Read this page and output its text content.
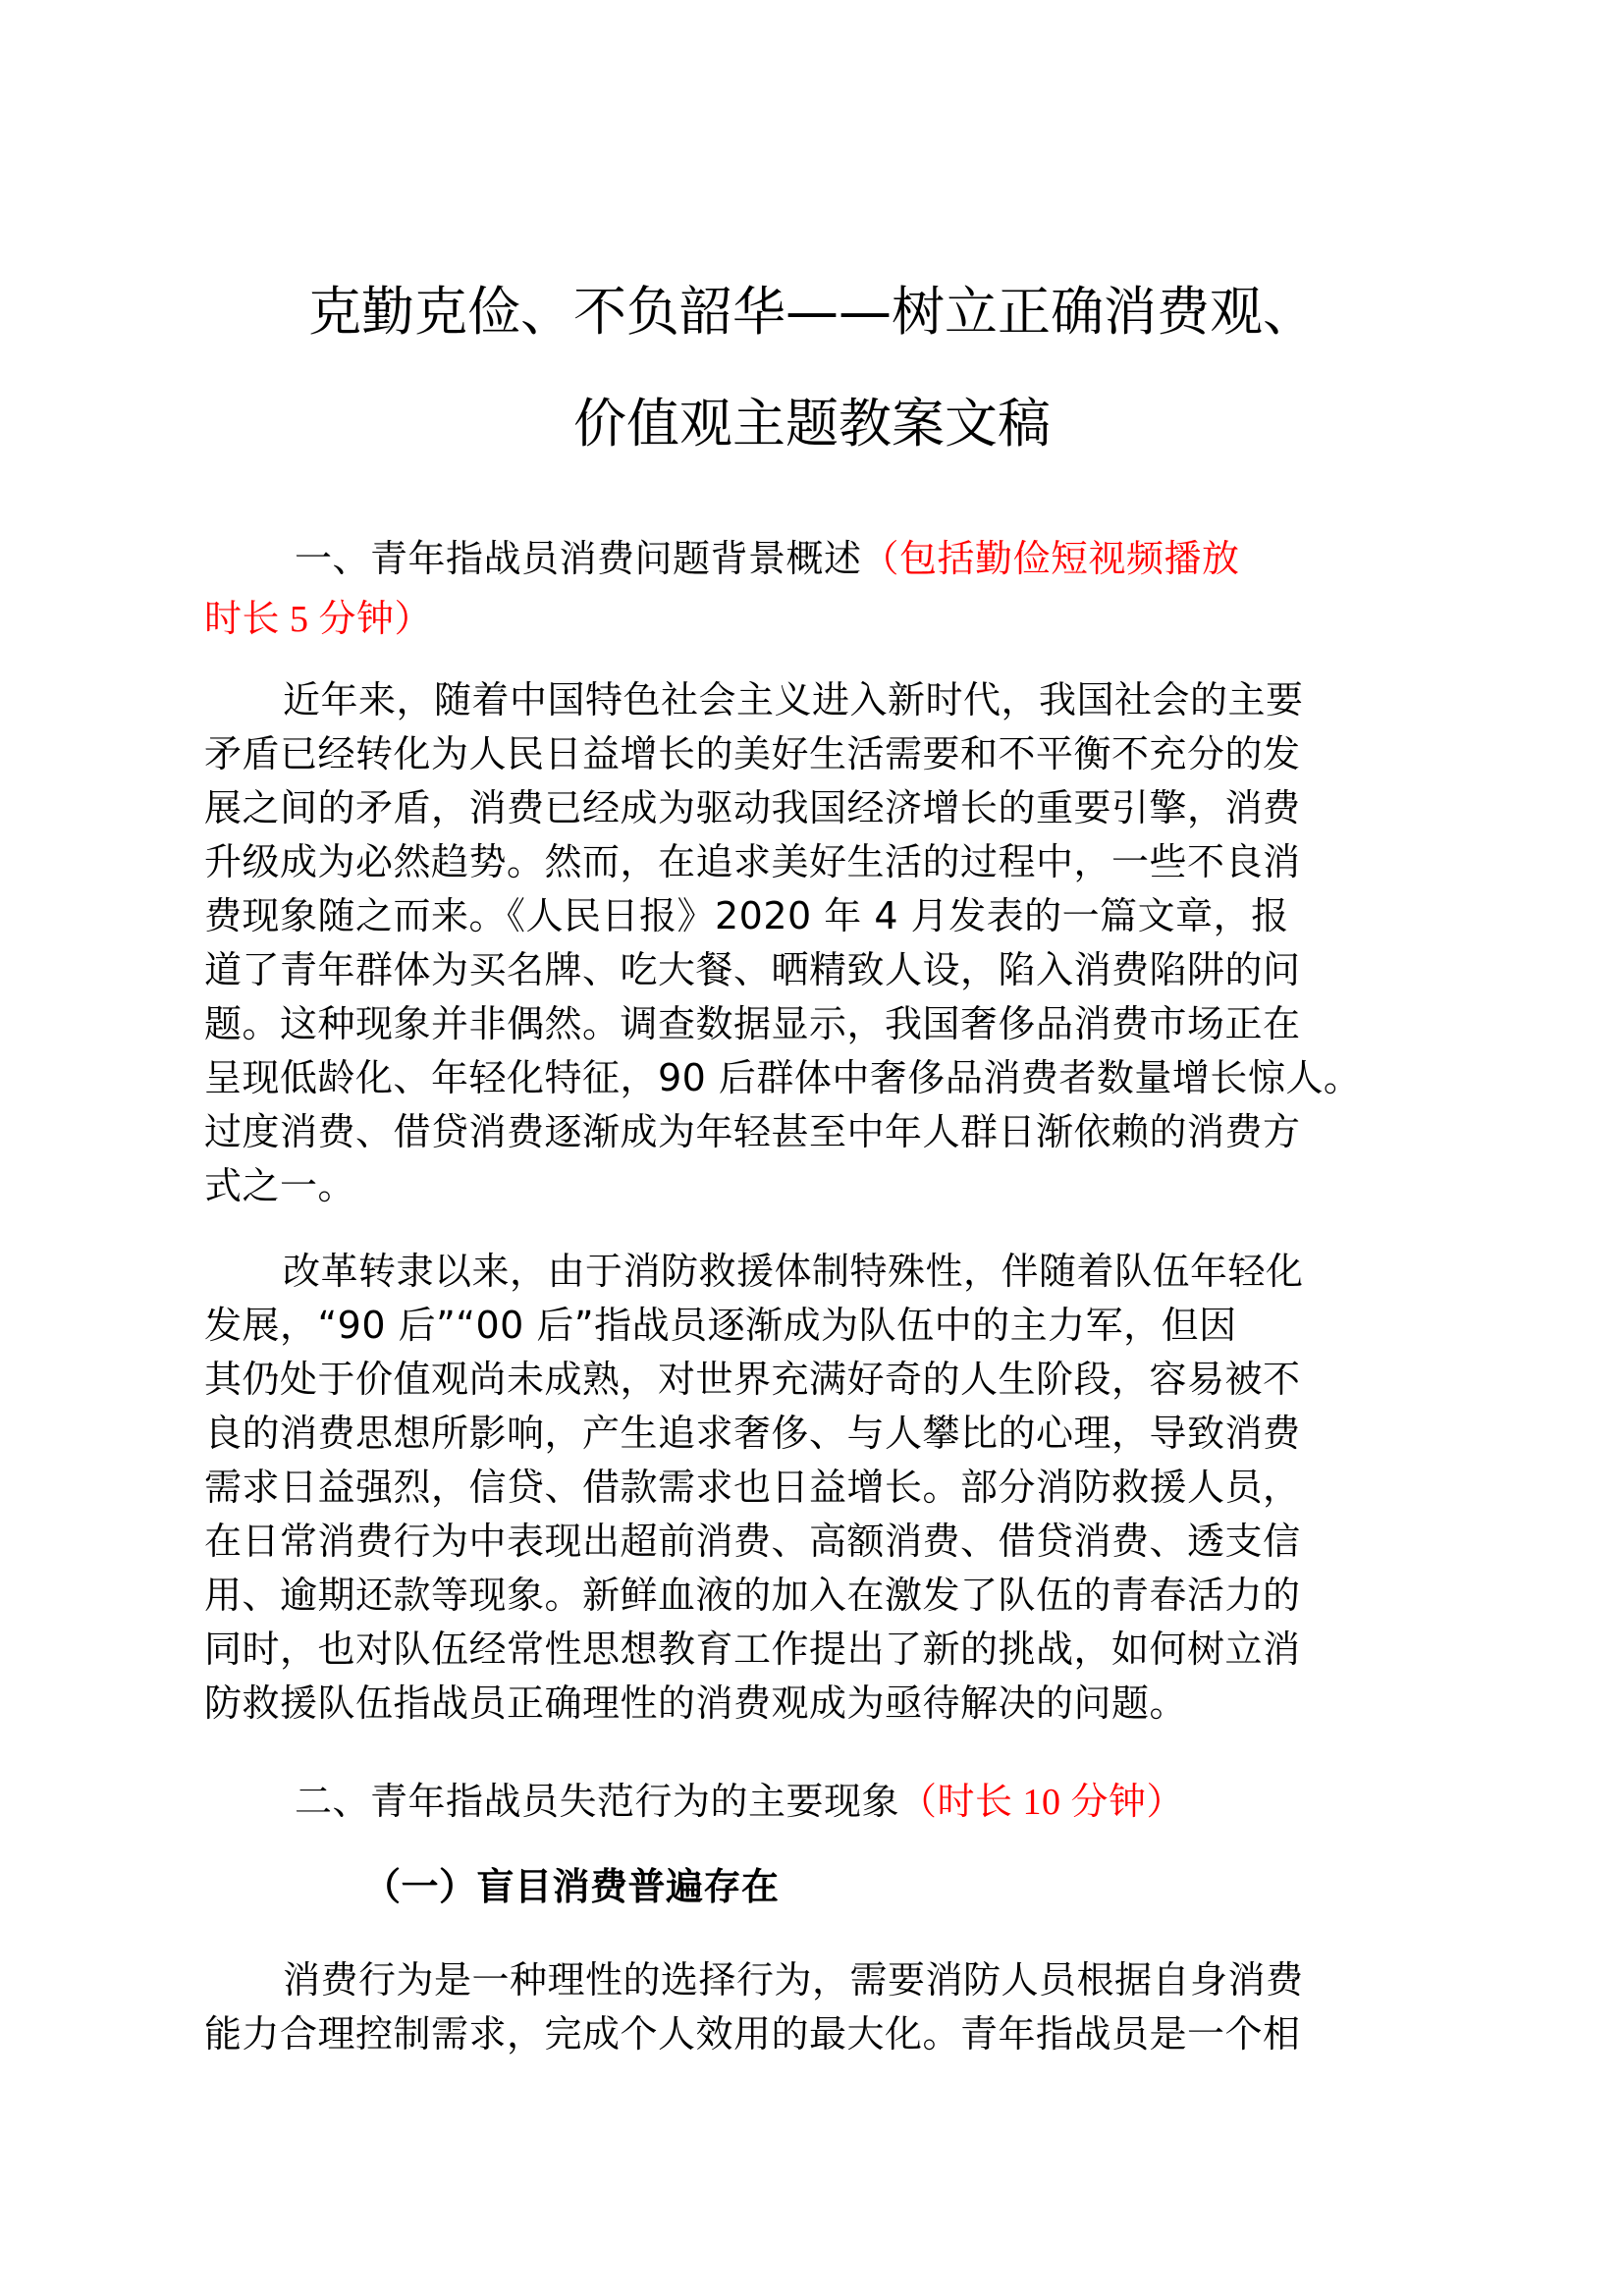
克勤克俭、不负韶华——树立正确消费观、
价值观主题教案文稿
一、青年指战员消费问题背景概述（包括勤俭短视频播放
时长 5 分钟）
近年来，随着中国特色社会主义进入新时代，我国社会的主要
矛盾已经转化为人民日益增长的美好生活需要和不平衡不充分的发
展之间的矛盾，消费已经成为驱动我国经济增长的重要引擎，消费
升级成为必然趋势。然而，在追求美好生活的过程中，一些不良消
费现象随之而来。《人民日报》2020 年 4 月发表的一篇文章，报
道了青年群体为买名牌、吃大餐、晒精致人设，陷入消费陷阱的问
题。这种现象并非偶然。调查数据显示，我国奢侈品消费市场正在
呈现低龄化、年轻化特征，90 后群体中奢侈品消费者数量增长惊人。
过度消费、借贷消费逐渐成为年轻甚至中年人群日渐依赖的消费方
式之一。
改革转隶以来，由于消防救援体制特殊性，伴随着队伍年轻化
发展，“90 后”“00 后”指战员逐渐成为队伍中的主力军，但因
其仍处于价值观尚未成熟，对世界充满好奇的人生阶段，容易被不
良的消费思想所影响，产生追求奢侈、与人攀比的心理，导致消费
需求日益强烈，信贷、借款需求也日益增长。部分消防救援人员，
在日常消费行为中表现出超前消费、高额消费、借贷消费、透支信
用、逾期还款等现象。新鲜血液的加入在激发了队伍的青春活力的
同时，也对队伍经常性思想教育工作提出了新的挑战，如何树立消
防救援队伍指战员正确理性的消费观成为亟待解决的问题。
二、青年指战员失范行为的主要现象（时长 10 分钟）
（一）盲目消费普遍存在
消费行为是一种理性的选择行为，需要消防人员根据自身消费
能力合理控制需求，完成个人效用的最大化。青年指战员是一个相
